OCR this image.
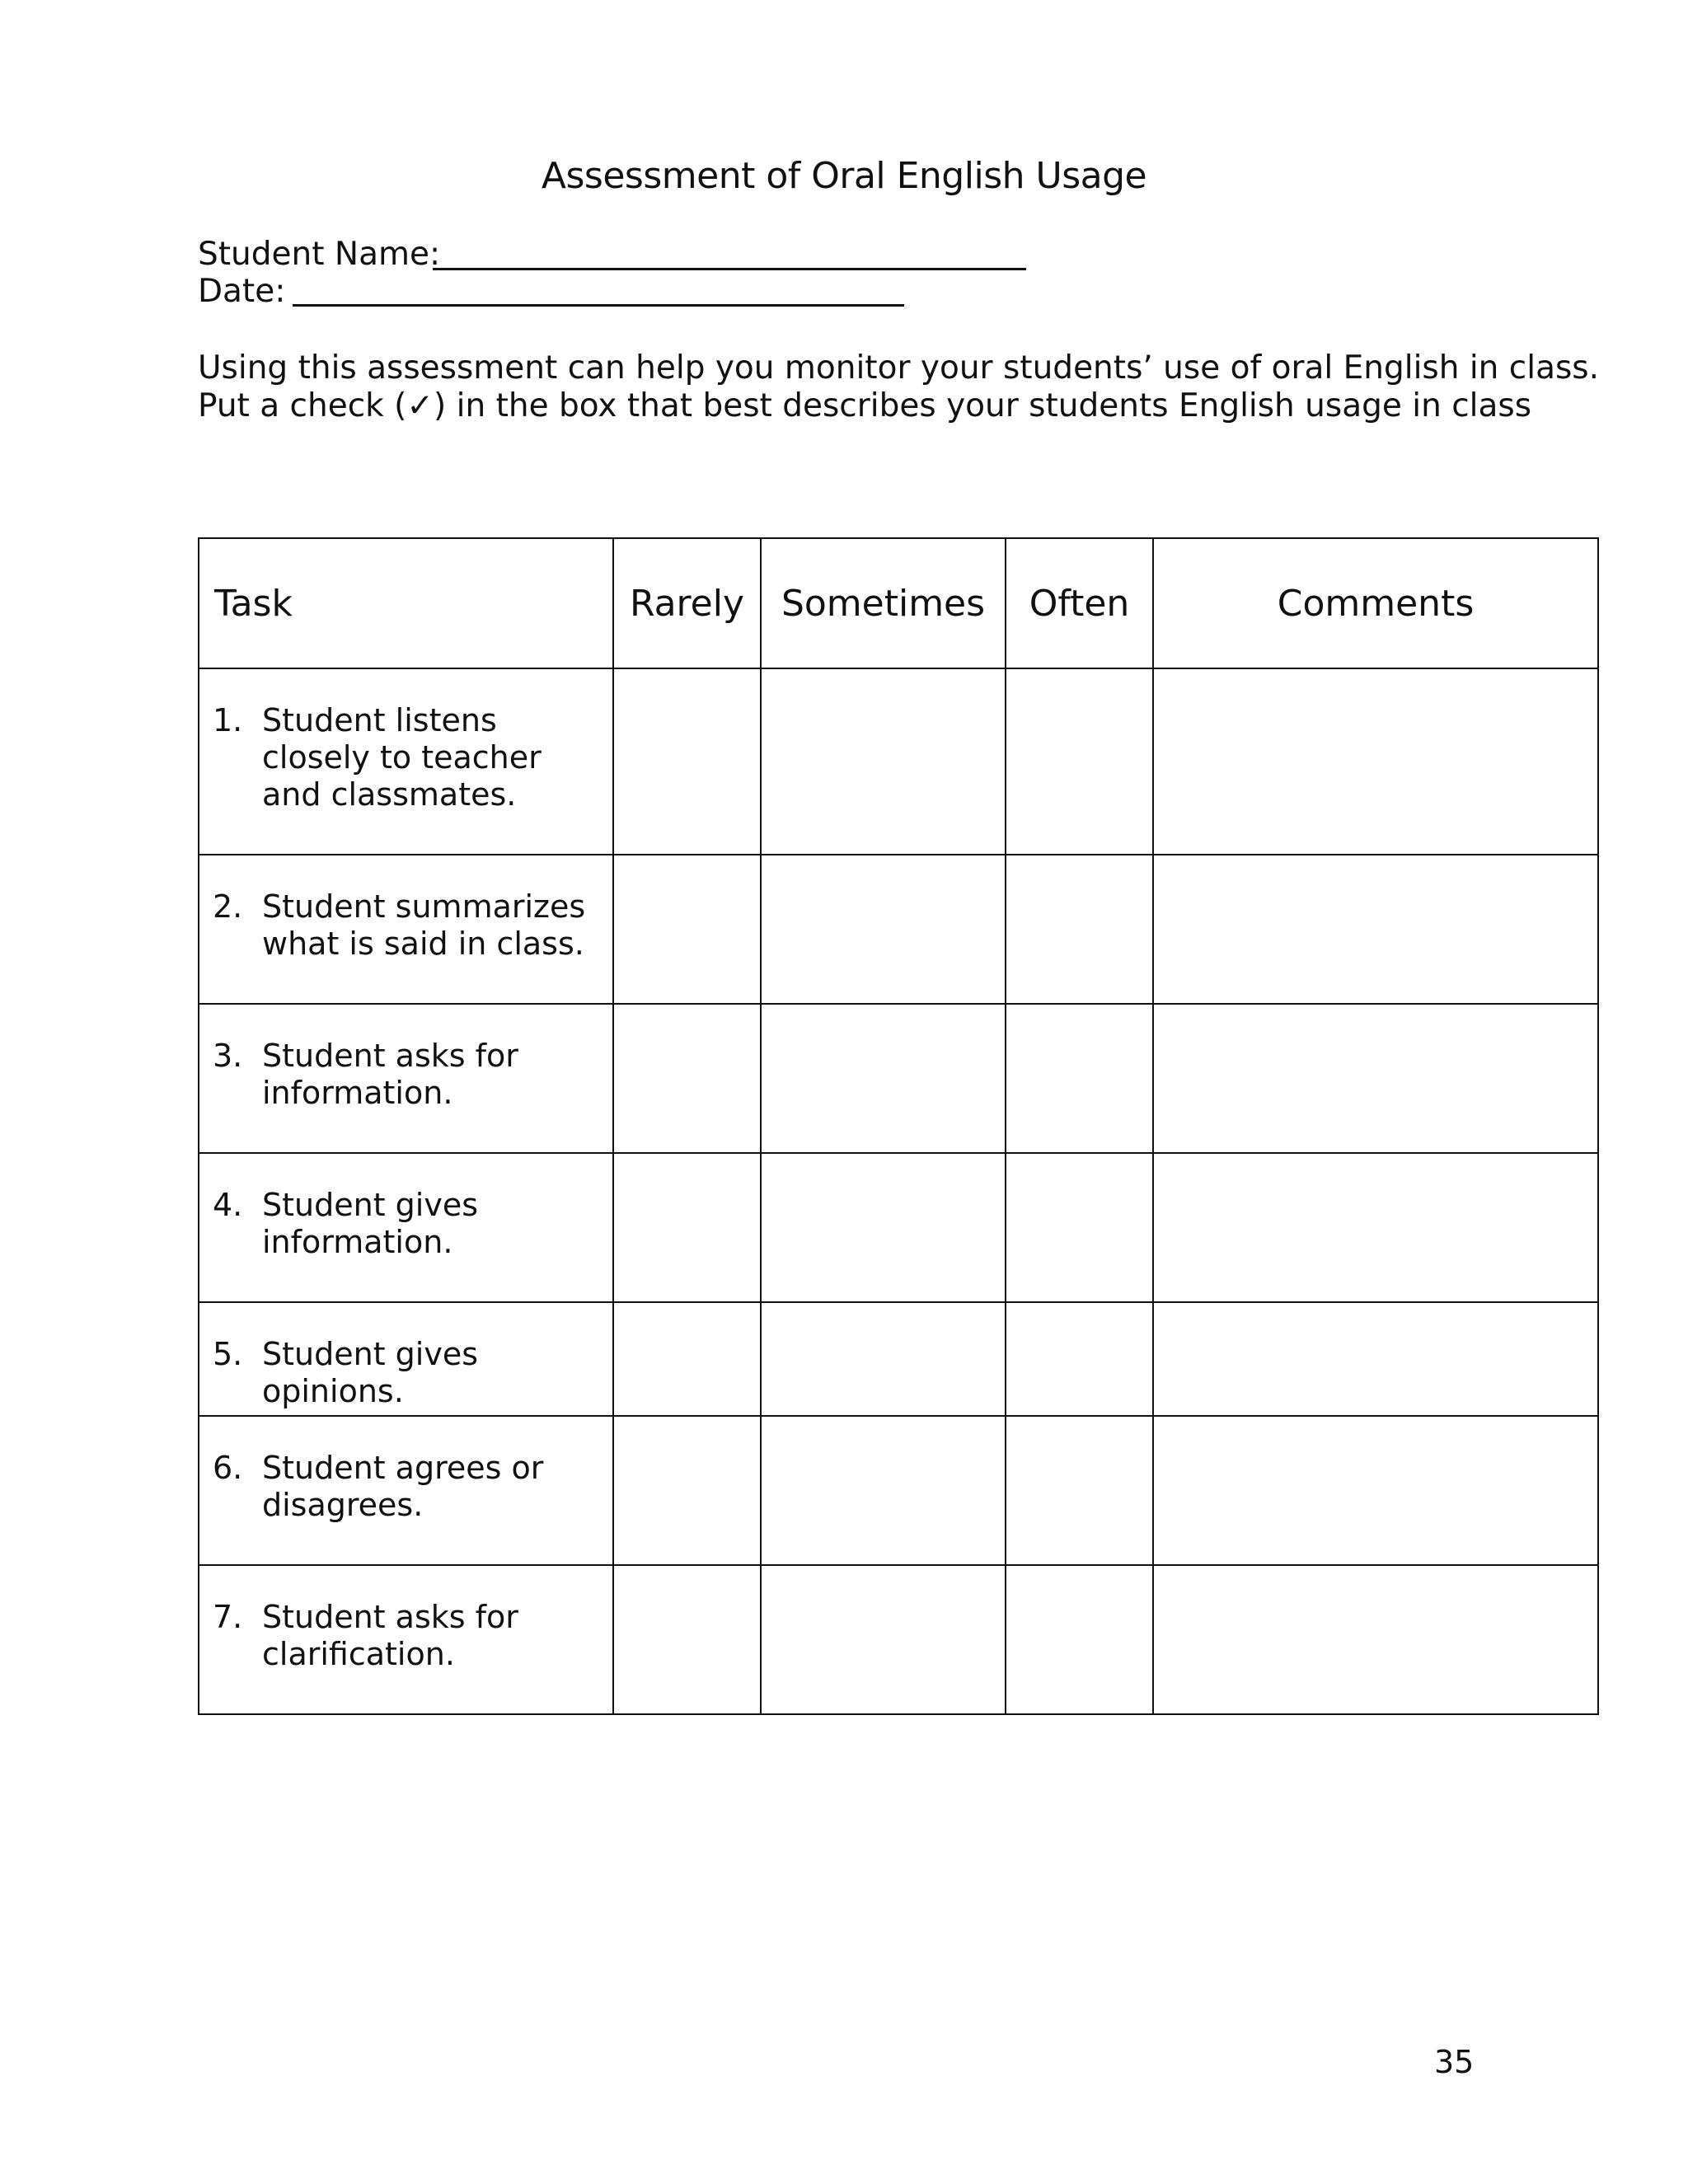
Assessment of Oral English Usage
Student Name:
Date:
Using this assessment can help you monitor your students’ use of oral English in class.
Put a check (✓) in the box that best describes your students English usage in class
Task	Rarely	Sometimes	Often	Comments

1. Student listens closely to teacher and classmates.				

2. Student summarizes what is said in class.				

3. Student asks for information.				

4. Student gives information.				

5. Student gives opinions.				

6. Student agrees or disagrees.				

7. Student asks for clarification.				

35
